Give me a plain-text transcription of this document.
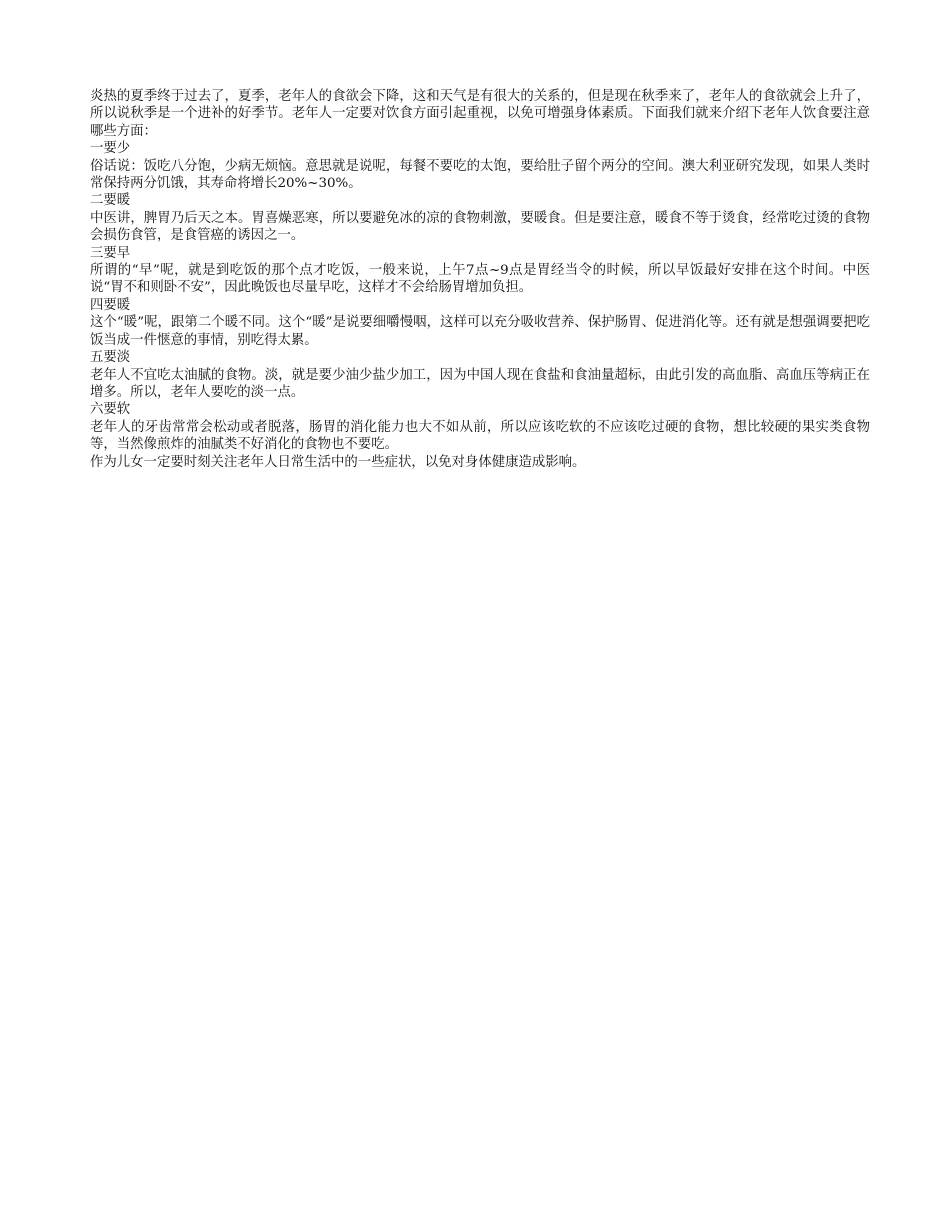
炎热的夏季终于过去了，夏季，老年人的食欲会下降，这和天气是有很大的关系的，但是现在秋季来了，老年人的食欲就会上升了，所以说秋季是一个进补的好季节。老年人一定要对饮食方面引起重视，以免可增强身体素质。下面我们就来介绍下老年人饮食要注意哪些方面：

一要少

俗话说：饭吃八分饱，少病无烦恼。意思就是说呢，每餐不要吃的太饱，要给肚子留个两分的空间。澳大利亚研究发现，如果人类时常保持两分饥饿，其寿命将增长20%~30%。

二要暖

中医讲，脾胃乃后天之本。胃喜燥恶寒，所以要避免冰的凉的食物刺激，要暖食。但是要注意，暖食不等于烫食，经常吃过烫的食物会损伤食管，是食管癌的诱因之一。

三要早

所谓的“早”呢，就是到吃饭的那个点才吃饭，一般来说，上午7点~9点是胃经当令的时候，所以早饭最好安排在这个时间。中医说“胃不和则卧不安”，因此晚饭也尽量早吃，这样才不会给肠胃增加负担。

四要暖

这个“暖”呢，跟第二个暖不同。这个“暖”是说要细嚼慢咽，这样可以充分吸收营养、保护肠胃、促进消化等。还有就是想强调要把吃饭当成一件惬意的事情，别吃得太累。

五要淡

老年人不宜吃太油腻的食物。淡，就是要少油少盐少加工，因为中国人现在食盐和食油量超标，由此引发的高血脂、高血压等病正在增多。所以，老年人要吃的淡一点。

六要软

老年人的牙齿常常会松动或者脱落，肠胃的消化能力也大不如从前，所以应该吃软的不应该吃过硬的食物，想比较硬的果实类食物等，当然像煎炸的油腻类不好消化的食物也不要吃。

作为儿女一定要时刻关注老年人日常生活中的一些症状，以免对身体健康造成影响。
